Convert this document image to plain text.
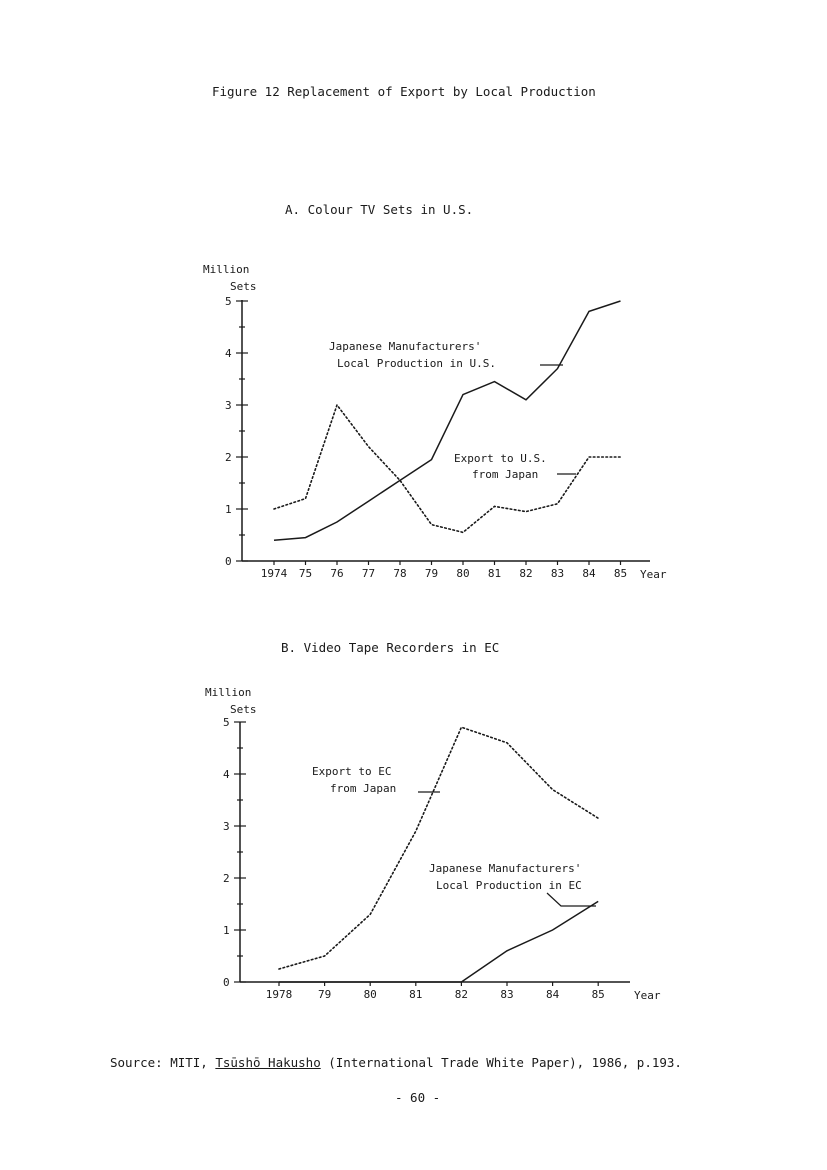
Figure 12 Replacement of Export by Local Production
A. Colour TV Sets in U.S.
Million
Sets
0
1
2
3
4
5
1974 75 76 77 78 79 80 81 82 83 84 85 Year
Japanese Manufacturers'
Local Production in U.S.
Export to U.S.
from Japan
B. Video Tape Recorders in EC
Million
Sets
0
1
2
3
4
5
1978 79	80	81	82	83	84	85	Year
Export to EC
from Japan
Japanese Manufacturers'
Local Production in EC
Source: MITI, Tsūshō Hakusho (International Trade White Paper), 1986, p.193.
- 60 -
